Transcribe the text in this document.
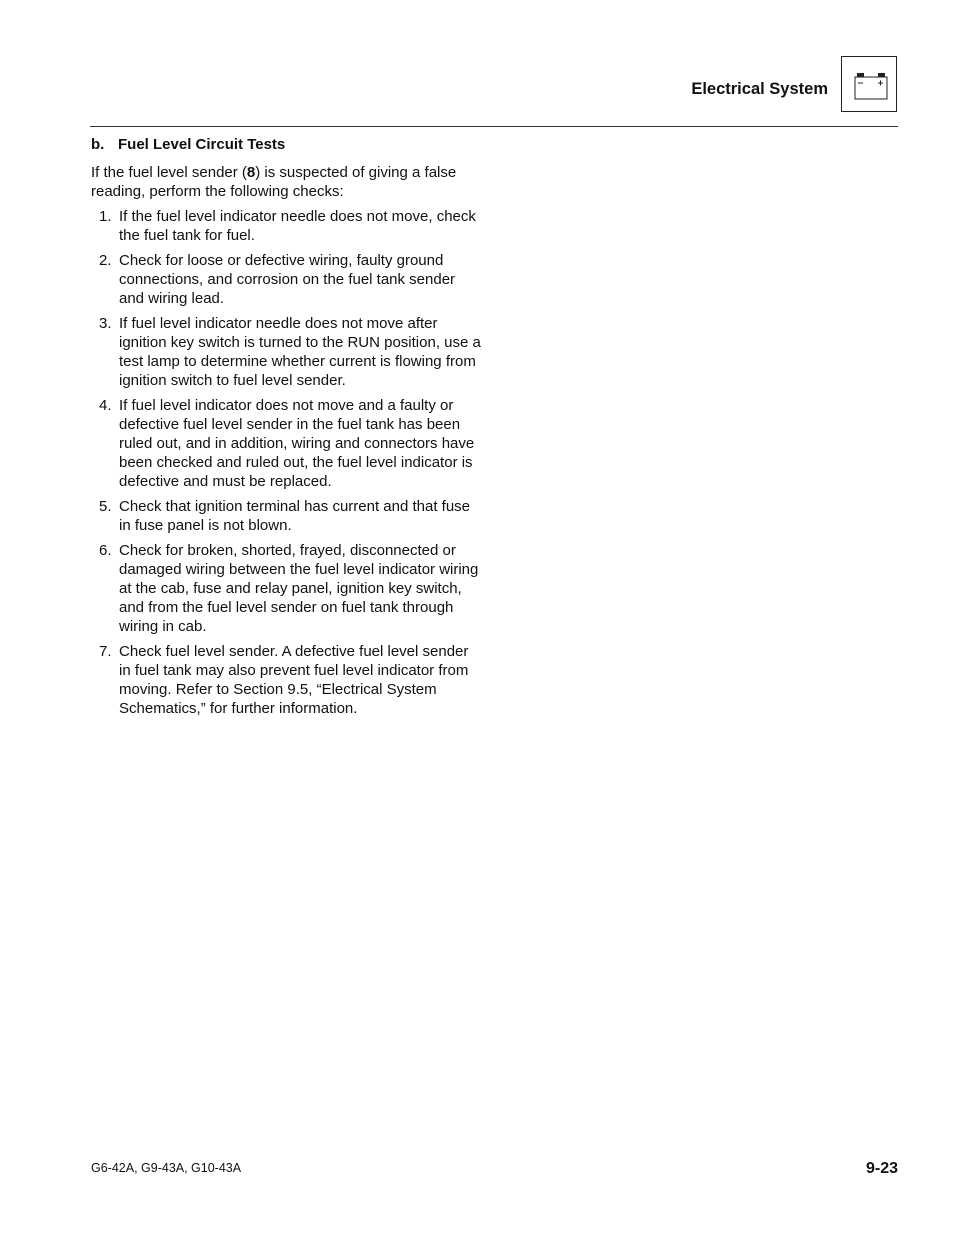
Electrical System
b. Fuel Level Circuit Tests

If the fuel level sender (8) is suspected of giving a false reading, perform the following checks:

1. If the fuel level indicator needle does not move, check the fuel tank for fuel.
2. Check for loose or defective wiring, faulty ground connections, and corrosion on the fuel tank sender and wiring lead.
3. If fuel level indicator needle does not move after ignition key switch is turned to the RUN position, use a test lamp to determine whether current is flowing from ignition switch to fuel level sender.
4. If fuel level indicator does not move and a faulty or defective fuel level sender in the fuel tank has been ruled out, and in addition, wiring and connectors have been checked and ruled out, the fuel level indicator is defective and must be replaced.
5. Check that ignition terminal has current and that fuse in fuse panel is not blown.
6. Check for broken, shorted, frayed, disconnected or damaged wiring between the fuel level indicator wiring at the cab, fuse and relay panel, ignition key switch, and from the fuel level sender on fuel tank through wiring in cab.
7. Check fuel level sender. A defective fuel level sender in fuel tank may also prevent fuel level indicator from moving. Refer to Section 9.5, “Electrical System Schematics,” for further information.
G6-42A, G9-43A, G10-43A	9-23
